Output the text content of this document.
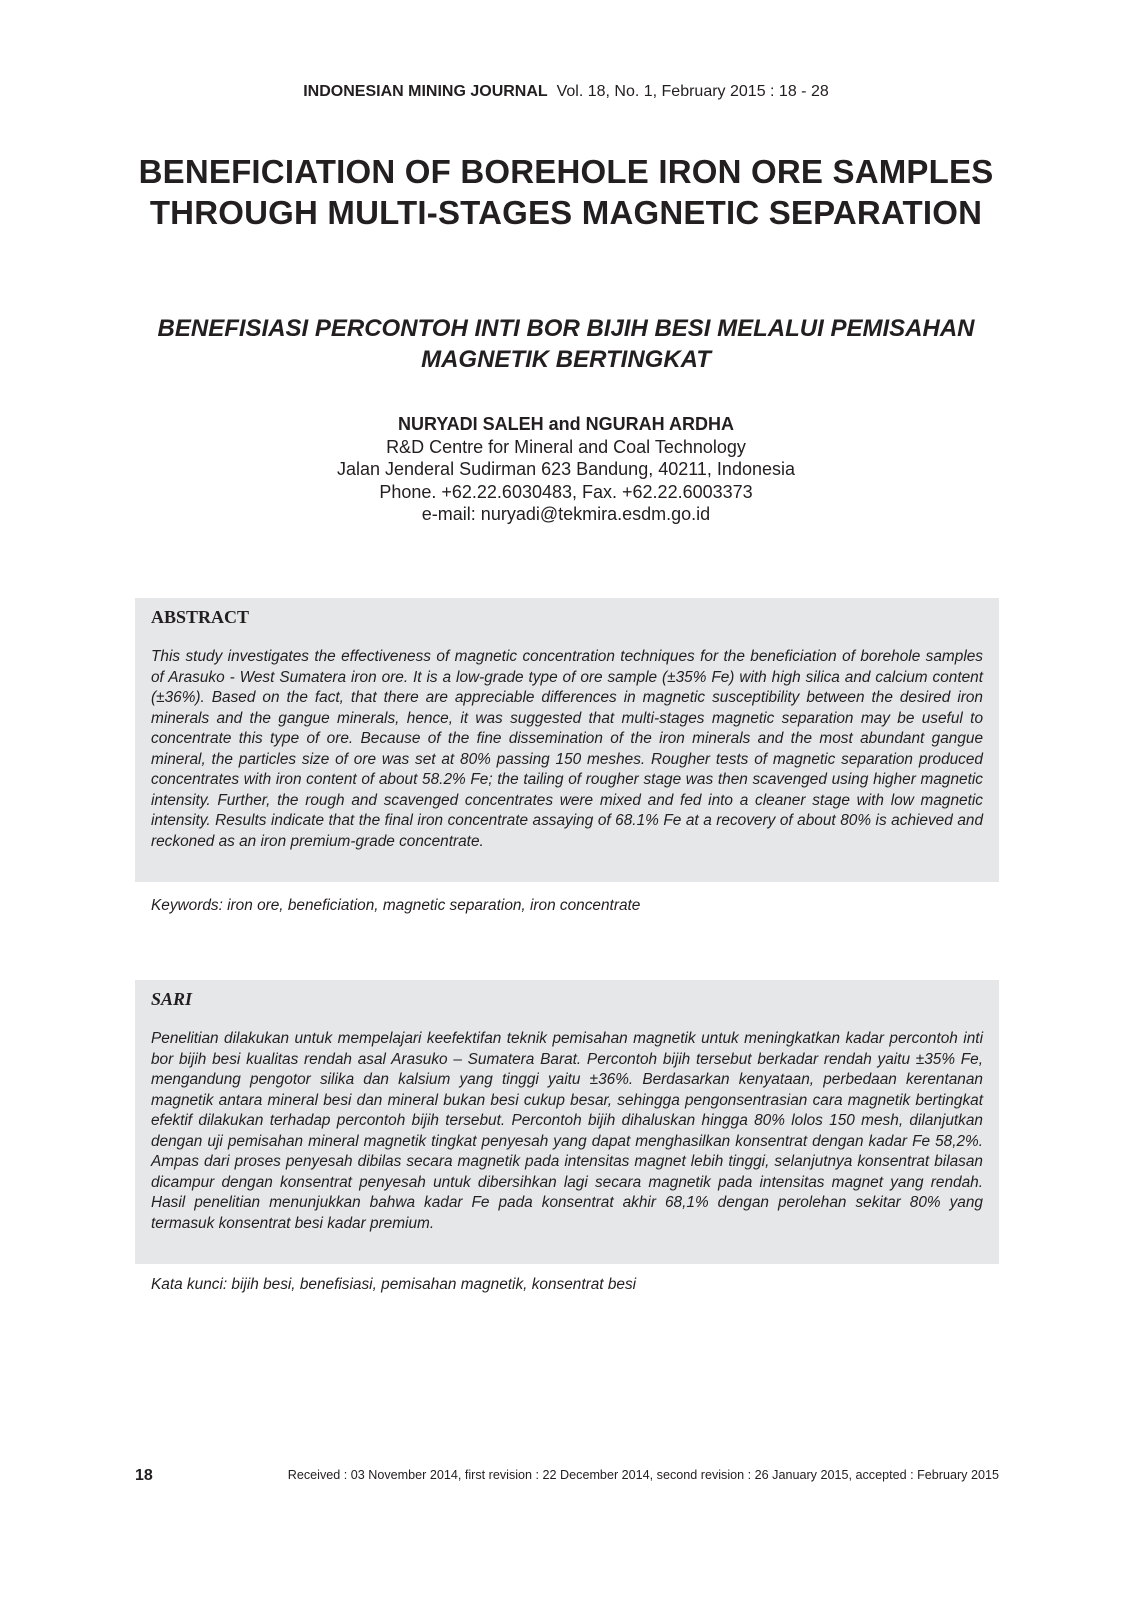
INDONESIAN MINING JOURNAL Vol. 18, No. 1, February 2015 : 18 - 28
BENEFICIATION OF BOREHOLE IRON ORE SAMPLES THROUGH MULTI-STAGES MAGNETIC SEPARATION
BENEFISIASI PERCONTOH INTI BOR BIJIH BESI MELALUI PEMISAHAN MAGNETIK BERTINGKAT
NURYADI SALEH and NGURAH ARDHA
R&D Centre for Mineral and Coal Technology
Jalan Jenderal Sudirman 623 Bandung, 40211, Indonesia
Phone. +62.22.6030483, Fax. +62.22.6003373
e-mail: nuryadi@tekmira.esdm.go.id
ABSTRACT
This study investigates the effectiveness of magnetic concentration techniques for the beneficiation of borehole samples of Arasuko - West Sumatera iron ore. It is a low-grade type of ore sample (±35% Fe) with high silica and calcium content (±36%). Based on the fact, that there are appreciable differences in magnetic susceptibility between the desired iron minerals and the gangue minerals, hence, it was suggested that multi-stages magnetic separation may be useful to concentrate this type of ore. Because of the fine dissemination of the iron minerals and the most abundant gangue mineral, the particles size of ore was set at 80% passing 150 meshes. Rougher tests of magnetic separation produced concentrates with iron content of about 58.2% Fe; the tailing of rougher stage was then scavenged using higher magnetic intensity. Further, the rough and scavenged concentrates were mixed and fed into a cleaner stage with low magnetic intensity. Results indicate that the final iron concentrate assaying of 68.1% Fe at a recovery of about 80% is achieved and reckoned as an iron premium-grade concentrate.
Keywords: iron ore, beneficiation, magnetic separation, iron concentrate
SARI
Penelitian dilakukan untuk mempelajari keefektifan teknik pemisahan magnetik untuk meningkatkan kadar percontoh inti bor bijih besi kualitas rendah asal Arasuko – Sumatera Barat. Percontoh bijih tersebut berkadar rendah yaitu ±35% Fe, mengandung pengotor silika dan kalsium yang tinggi yaitu ±36%. Berdasarkan kenyataan, perbedaan kerentanan magnetik antara mineral besi dan mineral bukan besi cukup besar, sehingga pengonsentrasian cara magnetik bertingkat efektif dilakukan terhadap percontoh bijih tersebut. Percontoh bijih dihaluskan hingga 80% lolos 150 mesh, dilanjutkan dengan uji pemisahan mineral magnetik tingkat penyesah yang dapat menghasilkan konsentrat dengan kadar Fe 58,2%. Ampas dari proses penyesah dibilas secara magnetik pada intensitas magnet lebih tinggi, selanjutnya konsentrat bilasan dicampur dengan konsentrat penyesah untuk dibersihkan lagi secara magnetik pada intensitas magnet yang rendah. Hasil penelitian menunjukkan bahwa kadar Fe pada konsentrat akhir 68,1% dengan perolehan sekitar 80% yang termasuk konsentrat besi kadar premium.
Kata kunci: bijih besi, benefisiasi, pemisahan magnetik, konsentrat besi
18	Received : 03 November 2014, first revision : 22 December 2014, second revision : 26 January 2015, accepted : February 2015
